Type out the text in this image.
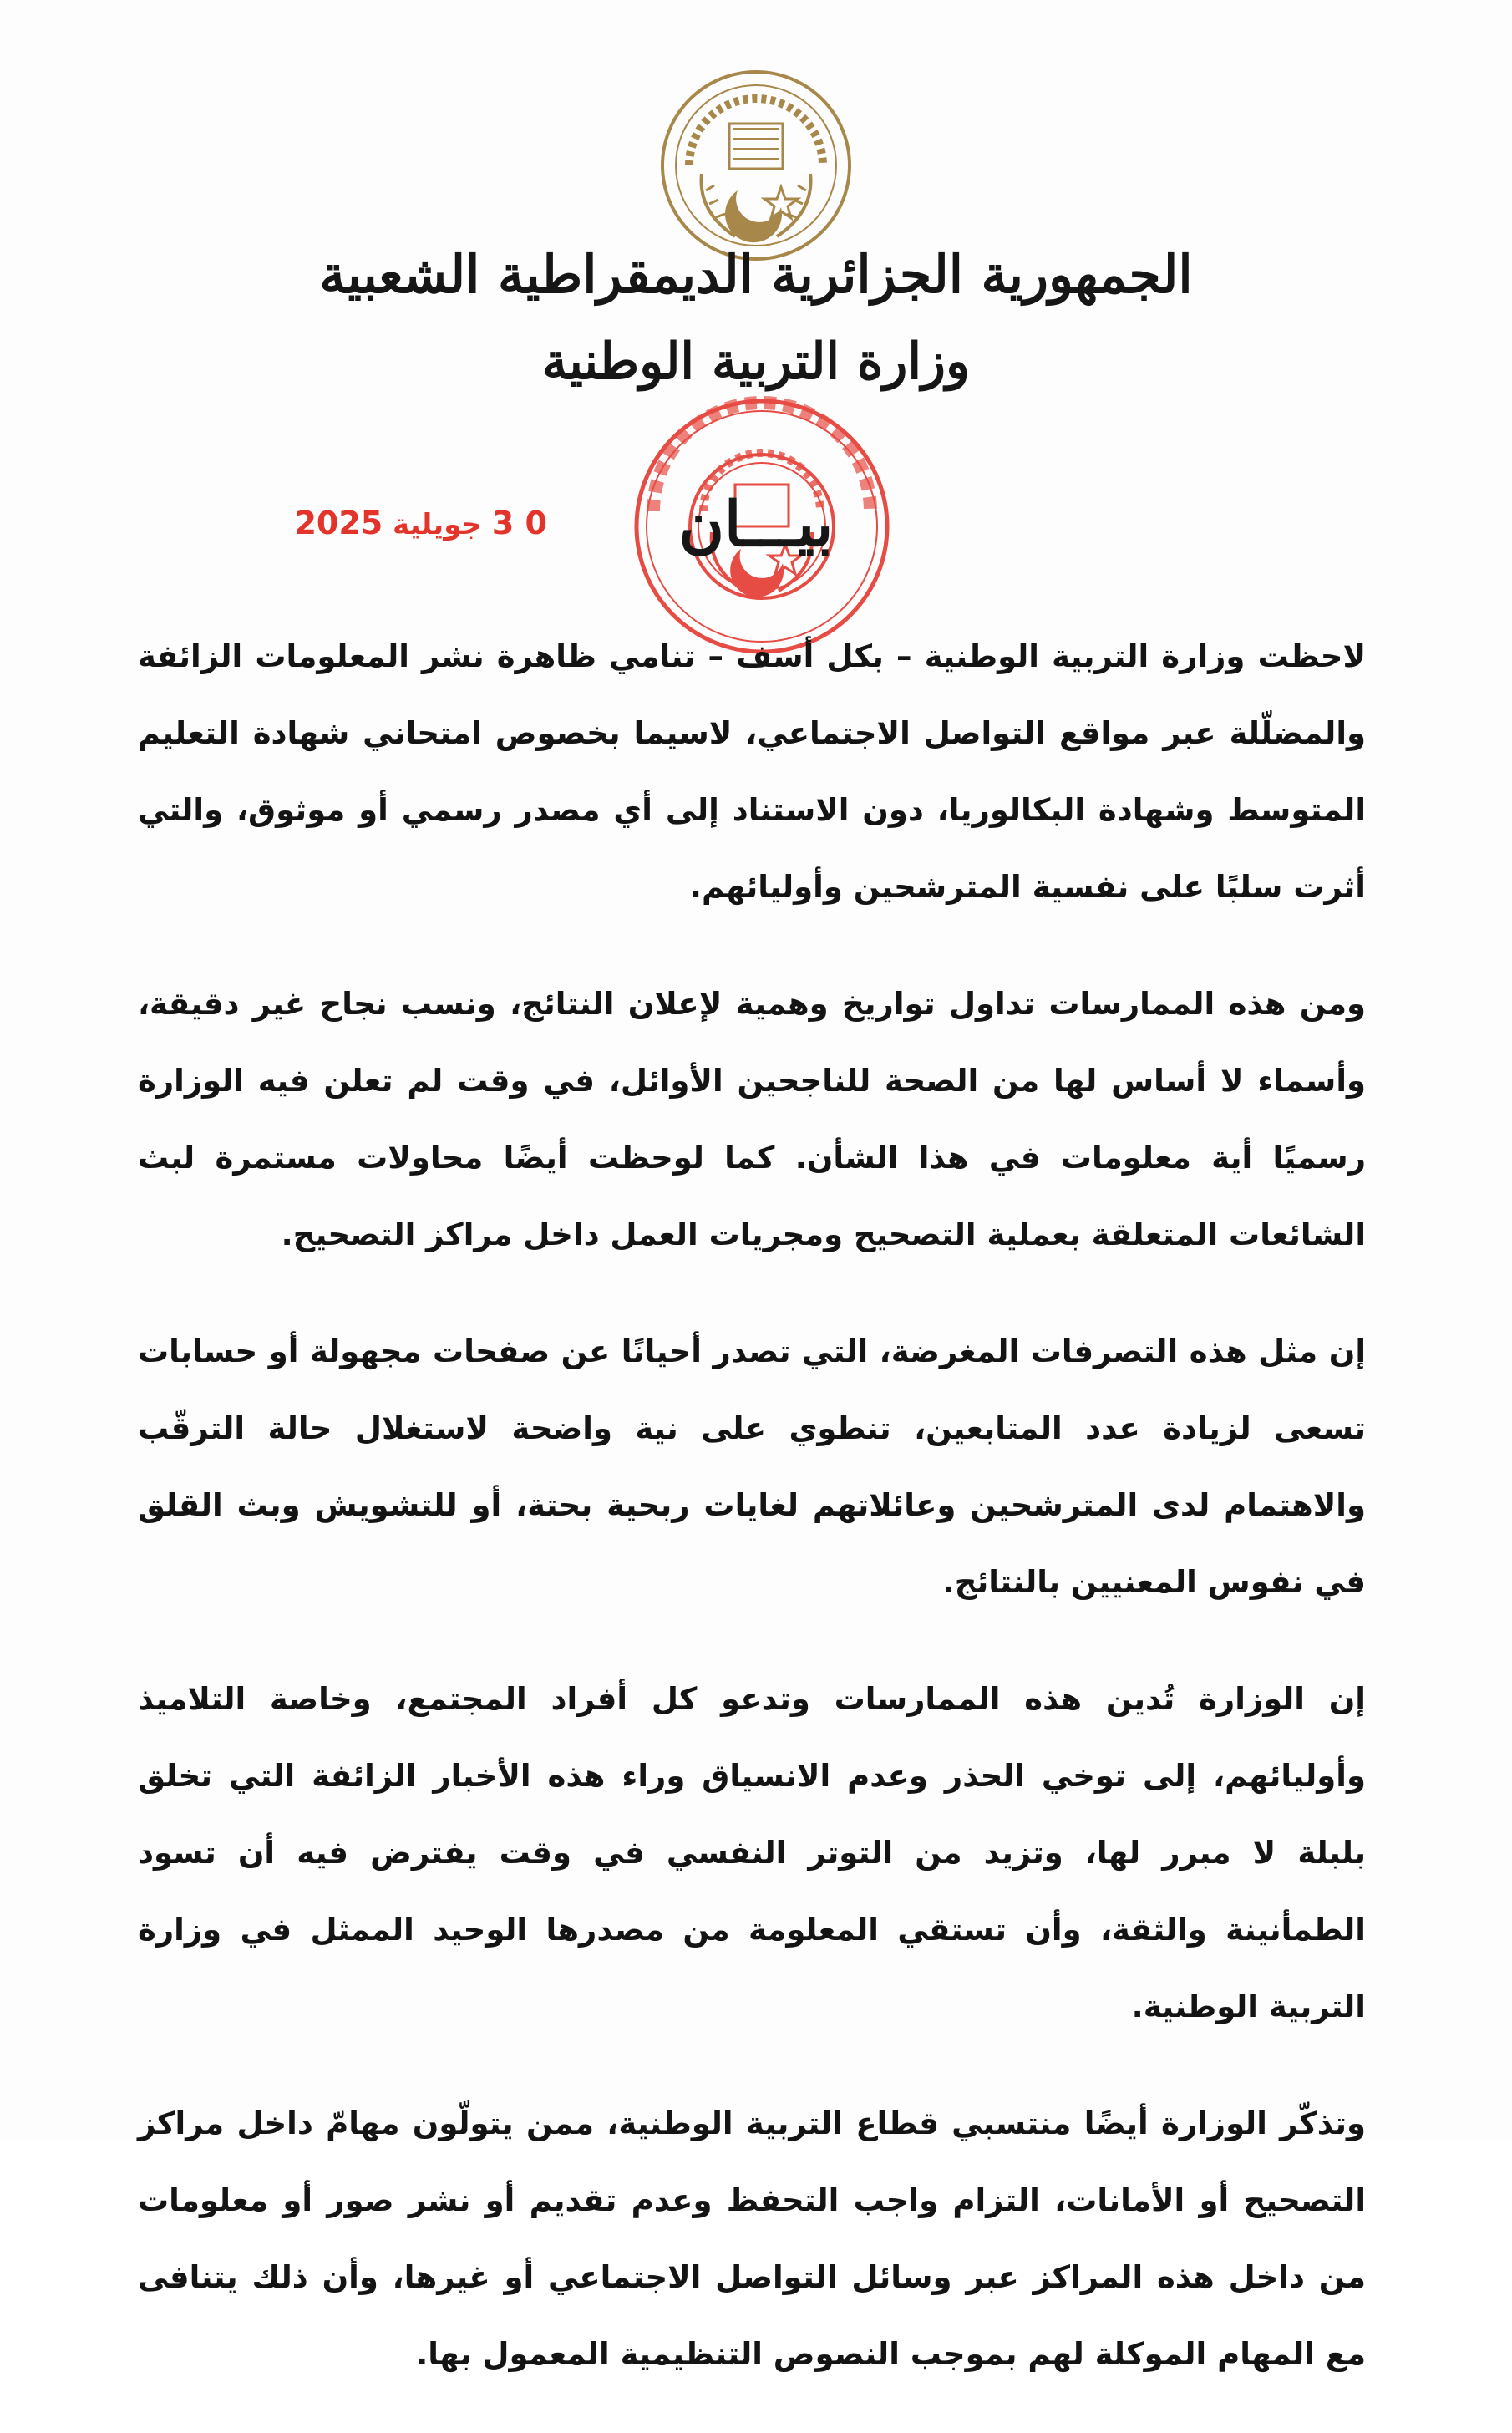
الجمهورية الجزائرية الديمقراطية الشعبية
وزارة التربية الوطنية
0 3 جويلية 2025	بيـــان

لاحظت وزارة التربية الوطنية – بكل أسف – تنامي ظاهرة نشر المعلومات الزائفة والمضلّلة عبر مواقع التواصل الاجتماعي، لاسيما بخصوص امتحاني شهادة التعليم المتوسط وشهادة البكالوريا، دون الاستناد إلى أي مصدر رسمي أو موثوق، والتي أثرت سلبًا على نفسية المترشحين وأوليائهم.

ومن هذه الممارسات تداول تواريخ وهمية لإعلان النتائج، ونسب نجاح غير دقيقة، وأسماء لا أساس لها من الصحة للناجحين الأوائل، في وقت لم تعلن فيه الوزارة رسميًا أية معلومات في هذا الشأن. كما لوحظت أيضًا محاولات مستمرة لبث الشائعات المتعلقة بعملية التصحيح ومجريات العمل داخل مراكز التصحيح.

إن مثل هذه التصرفات المغرضة، التي تصدر أحيانًا عن صفحات مجهولة أو حسابات تسعى لزيادة عدد المتابعين، تنطوي على نية واضحة لاستغلال حالة الترقّب والاهتمام لدى المترشحين وعائلاتهم لغايات ربحية بحتة، أو للتشويش وبث القلق في نفوس المعنيين بالنتائج.

إن الوزارة تُدين هذه الممارسات وتدعو كل أفراد المجتمع، وخاصة التلاميذ وأوليائهم، إلى توخي الحذر وعدم الانسياق وراء هذه الأخبار الزائفة التي تخلق بلبلة لا مبرر لها، وتزيد من التوتر النفسي في وقت يفترض فيه أن تسود الطمأنينة والثقة، وأن تستقي المعلومة من مصدرها الوحيد الممثل في وزارة التربية الوطنية.

وتذكّر الوزارة أيضًا منتسبي قطاع التربية الوطنية، ممن يتولّون مهامّ داخل مراكز التصحيح أو الأمانات، التزام واجب التحفظ وعدم تقديم أو نشر صور أو معلومات من داخل هذه المراكز عبر وسائل التواصل الاجتماعي أو غيرها، وأن ذلك يتنافى مع المهام الموكلة لهم بموجب النصوص التنظيمية المعمول بها.
